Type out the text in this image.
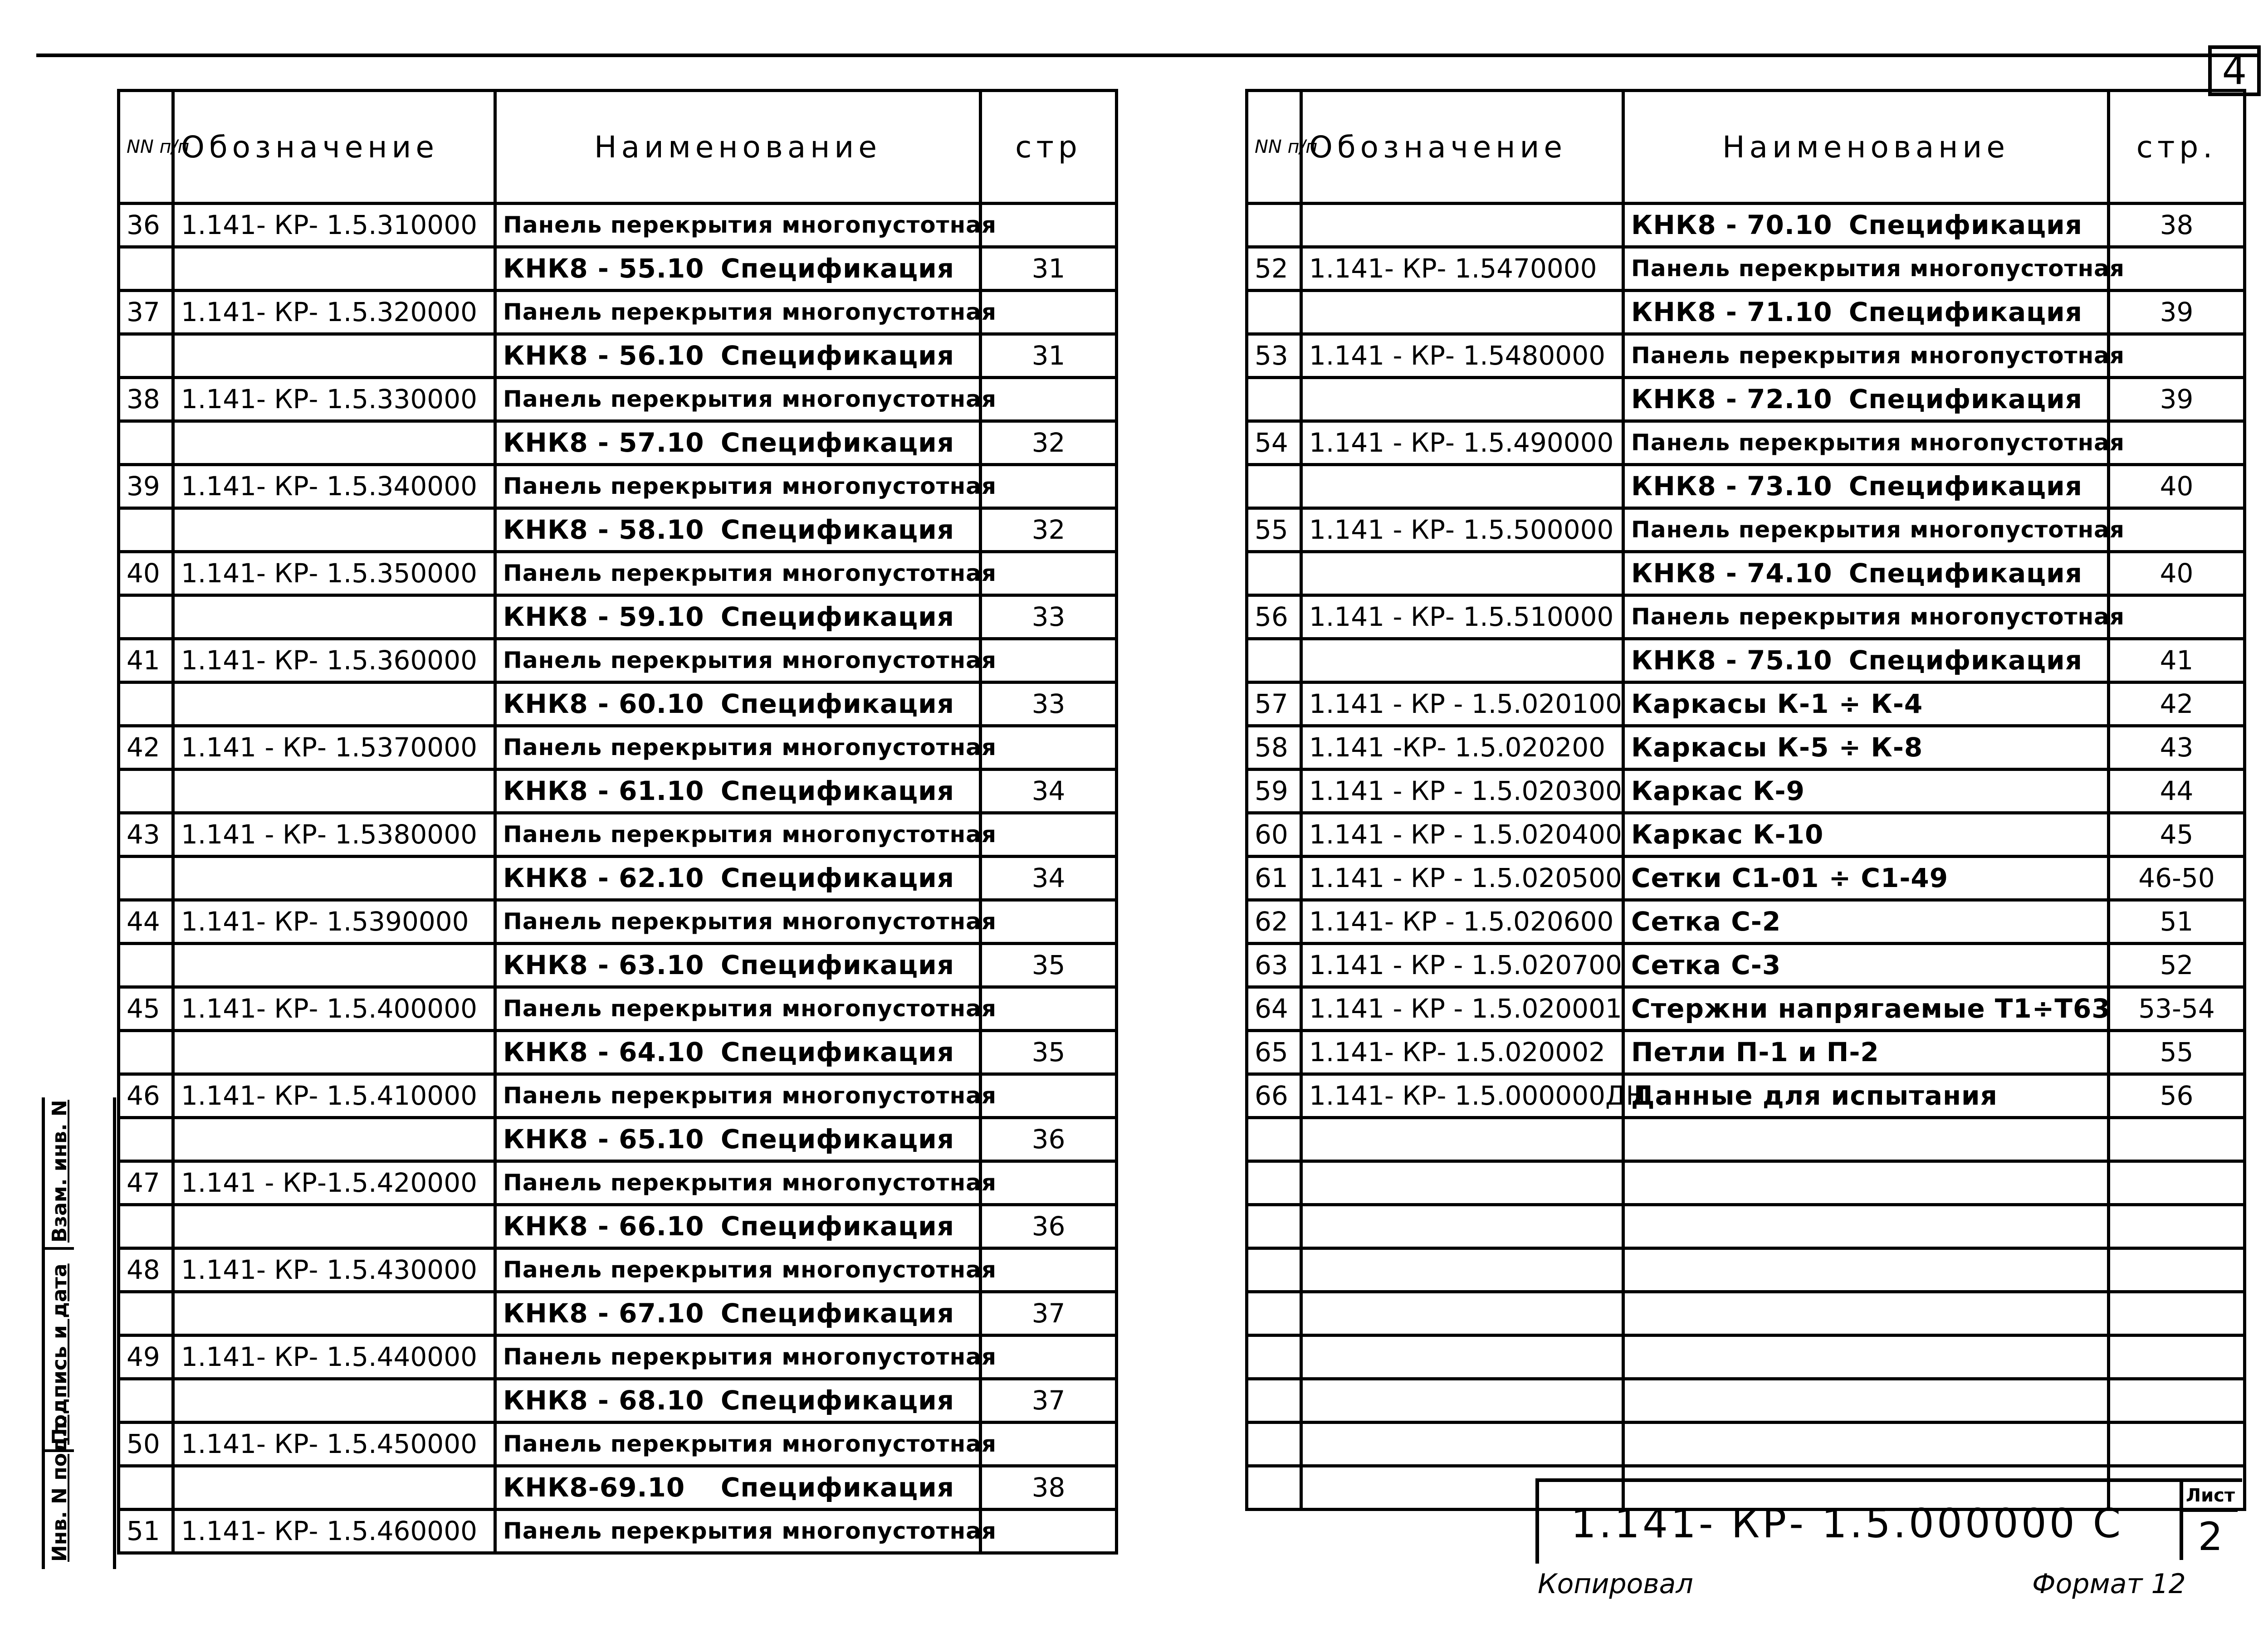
4
NN п/п	Обозначение	Наименование	стр
36	1.141- КР- 1.5.310000	Панель перекрытия многопустотная	

		КНК8 - 55.10 Спецификация	31
37	1.141- КР- 1.5.320000	Панель перекрытия многопустотная	

		КНК8 - 56.10 Спецификация	31
38	1.141- КР- 1.5.330000	Панель перекрытия многопустотная	

		КНК8 - 57.10 Спецификация	32
39	1.141- КР- 1.5.340000	Панель перекрытия многопустотная	

		КНК8 - 58.10 Спецификация	32
40	1.141- КР- 1.5.350000	Панель перекрытия многопустотная	

		КНК8 - 59.10 Спецификация	33
41	1.141- КР- 1.5.360000	Панель перекрытия многопустотная	

		КНК8 - 60.10 Спецификация	33
42	1.141 - КР- 1.5370000	Панель перекрытия многопустотная	

		КНК8 - 61.10 Спецификация	34
43	1.141 - КР- 1.5380000	Панель перекрытия многопустотная	

		КНК8 - 62.10 Спецификация	34
44	1.141- КР- 1.5390000	Панель перекрытия многопустотная	

		КНК8 - 63.10 Спецификация	35
45	1.141- КР- 1.5.400000	Панель перекрытия многопустотная	

		КНК8 - 64.10 Спецификация	35
46	1.141- КР- 1.5.410000	Панель перекрытия многопустотная	

		КНК8 - 65.10 Спецификация	36
47	1.141 - КР-1.5.420000	Панель перекрытия многопустотная	

		КНК8 - 66.10 Спецификация	36
48	1.141- КР- 1.5.430000	Панель перекрытия многопустотная	

		КНК8 - 67.10 Спецификация	37
49	1.141- КР- 1.5.440000	Панель перекрытия многопустотная	

		КНК8 - 68.10 Спецификация	37
50	1.141- КР- 1.5.450000	Панель перекрытия многопустотная	

		КНК8-69.10 Спецификация	38
51	1.141- КР- 1.5.460000	Панель перекрытия многопустотная	
NN п/п	Обозначение	Наименование	стр.

		КНК8 - 70.10 Спецификация	38
52	1.141- КР- 1.5470000	Панель перекрытия многопустотная	

		КНК8 - 71.10 Спецификация	39
53	1.141 - КР- 1.5480000	Панель перекрытия многопустотная	

		КНК8 - 72.10 Спецификация	39
54	1.141 - КР- 1.5.490000	Панель перекрытия многопустотная	

		КНК8 - 73.10 Спецификация	40
55	1.141 - КР- 1.5.500000	Панель перекрытия многопустотная	

		КНК8 - 74.10 Спецификация	40
56	1.141 - КР- 1.5.510000	Панель перекрытия многопустотная	

		КНК8 - 75.10 Спецификация	41
57	1.141 - КР - 1.5.020100	Каркасы К-1 ÷ К-4	42
58	1.141 -КР- 1.5.020200	Каркасы К-5 ÷ К-8	43
59	1.141 - КР - 1.5.020300	Каркас К-9	44
60	1.141 - КР - 1.5.020400	Каркас К-10	45
61	1.141 - КР - 1.5.020500	Сетки С1-01 ÷ С1-49	46-50
62	1.141- КР - 1.5.020600	Сетка С-2	51
63	1.141 - КР - 1.5.020700	Сетка С-3	52
64	1.141 - КР - 1.5.020001	Стержни напрягаемые Т1÷Т63	53-54
65	1.141- КР- 1.5.020002	Петли П-1 и П-2	55
66	1.141- КР- 1.5.000000ДН	Данные для испытания	56

1.141- КР- 1.5.000000 С
Лист
2
Копировал	Формат 12
Взам. инв. N
Подпись и дата
Инв. N подл.
